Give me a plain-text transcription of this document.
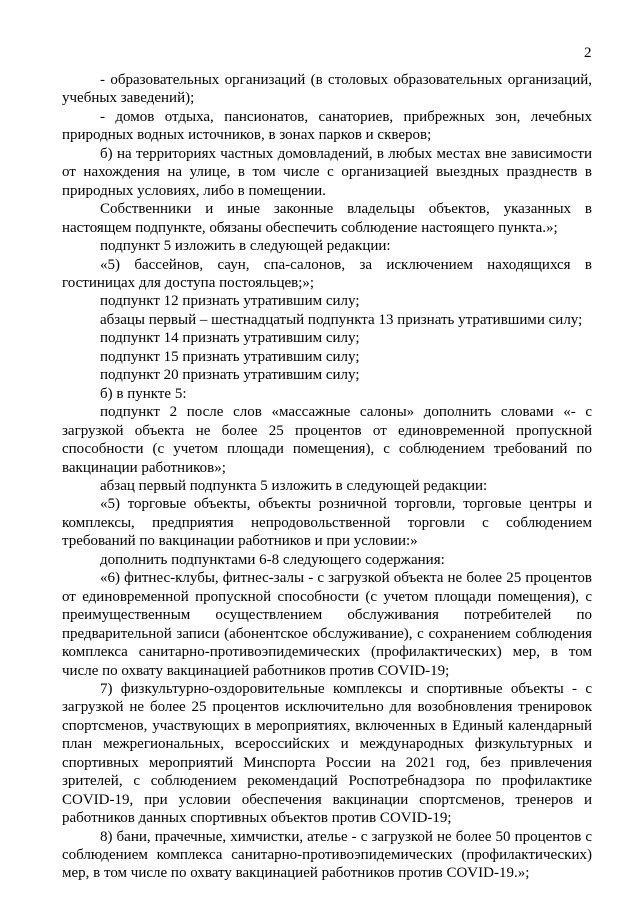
2

- образовательных организаций (в столовых образовательных организаций, учебных заведений);

- домов отдыха, пансионатов, санаториев, прибрежных зон, лечебных природных водных источников, в зонах парков и скверов;

б) на территориях частных домовладений, в любых местах вне зависимости от нахождения на улице, в том числе с организацией выездных празднеств в природных условиях, либо в помещении.

Собственники и иные законные владельцы объектов, указанных в настоящем подпункте, обязаны обеспечить соблюдение настоящего пункта.»;

подпункт 5 изложить в следующей редакции:

«5) бассейнов, саун, спа-салонов, за исключением находящихся в гостиницах для доступа постояльцев;»;

подпункт 12 признать утратившим силу;

абзацы первый – шестнадцатый подпункта 13 признать утратившими силу;

подпункт 14 признать утратившим силу;

подпункт 15 признать утратившим силу;

подпункт 20 признать утратившим силу;

б) в пункте 5:

подпункт 2 после слов «массажные салоны» дополнить словами «- с загрузкой объекта не более 25 процентов от единовременной пропускной способности (с учетом площади помещения), с соблюдением требований по вакцинации работников»;

абзац первый подпункта 5 изложить в следующей редакции:

«5) торговые объекты, объекты розничной торговли, торговые центры и комплексы, предприятия непродовольственной торговли с соблюдением требований по вакцинации работников и при условии:»

дополнить подпунктами 6-8 следующего содержания:

«6) фитнес-клубы, фитнес-залы - с загрузкой объекта не более 25 процентов от единовременной пропускной способности (с учетом площади помещения), с преимущественным осуществлением обслуживания потребителей по предварительной записи (абонентское обслуживание), с сохранением соблюдения комплекса санитарно-противоэпидемических (профилактических) мер, в том числе по охвату вакцинацией работников против COVID-19;

7) физкультурно-оздоровительные комплексы и спортивные объекты - с загрузкой не более 25 процентов исключительно для возобновления тренировок спортсменов, участвующих в мероприятиях, включенных в Единый календарный план межрегиональных, всероссийских и международных физкультурных и спортивных мероприятий Минспорта России на 2021 год, без привлечения зрителей, с соблюдением рекомендаций Роспотребнадзора по профилактике COVID-19, при условии обеспечения вакцинации спортсменов, тренеров и работников данных спортивных объектов против COVID-19;

8) бани, прачечные, химчистки, ателье - с загрузкой не более 50 процентов с соблюдением комплекса санитарно-противоэпидемических (профилактических) мер, в том числе по охвату вакцинацией работников против COVID-19.»;
